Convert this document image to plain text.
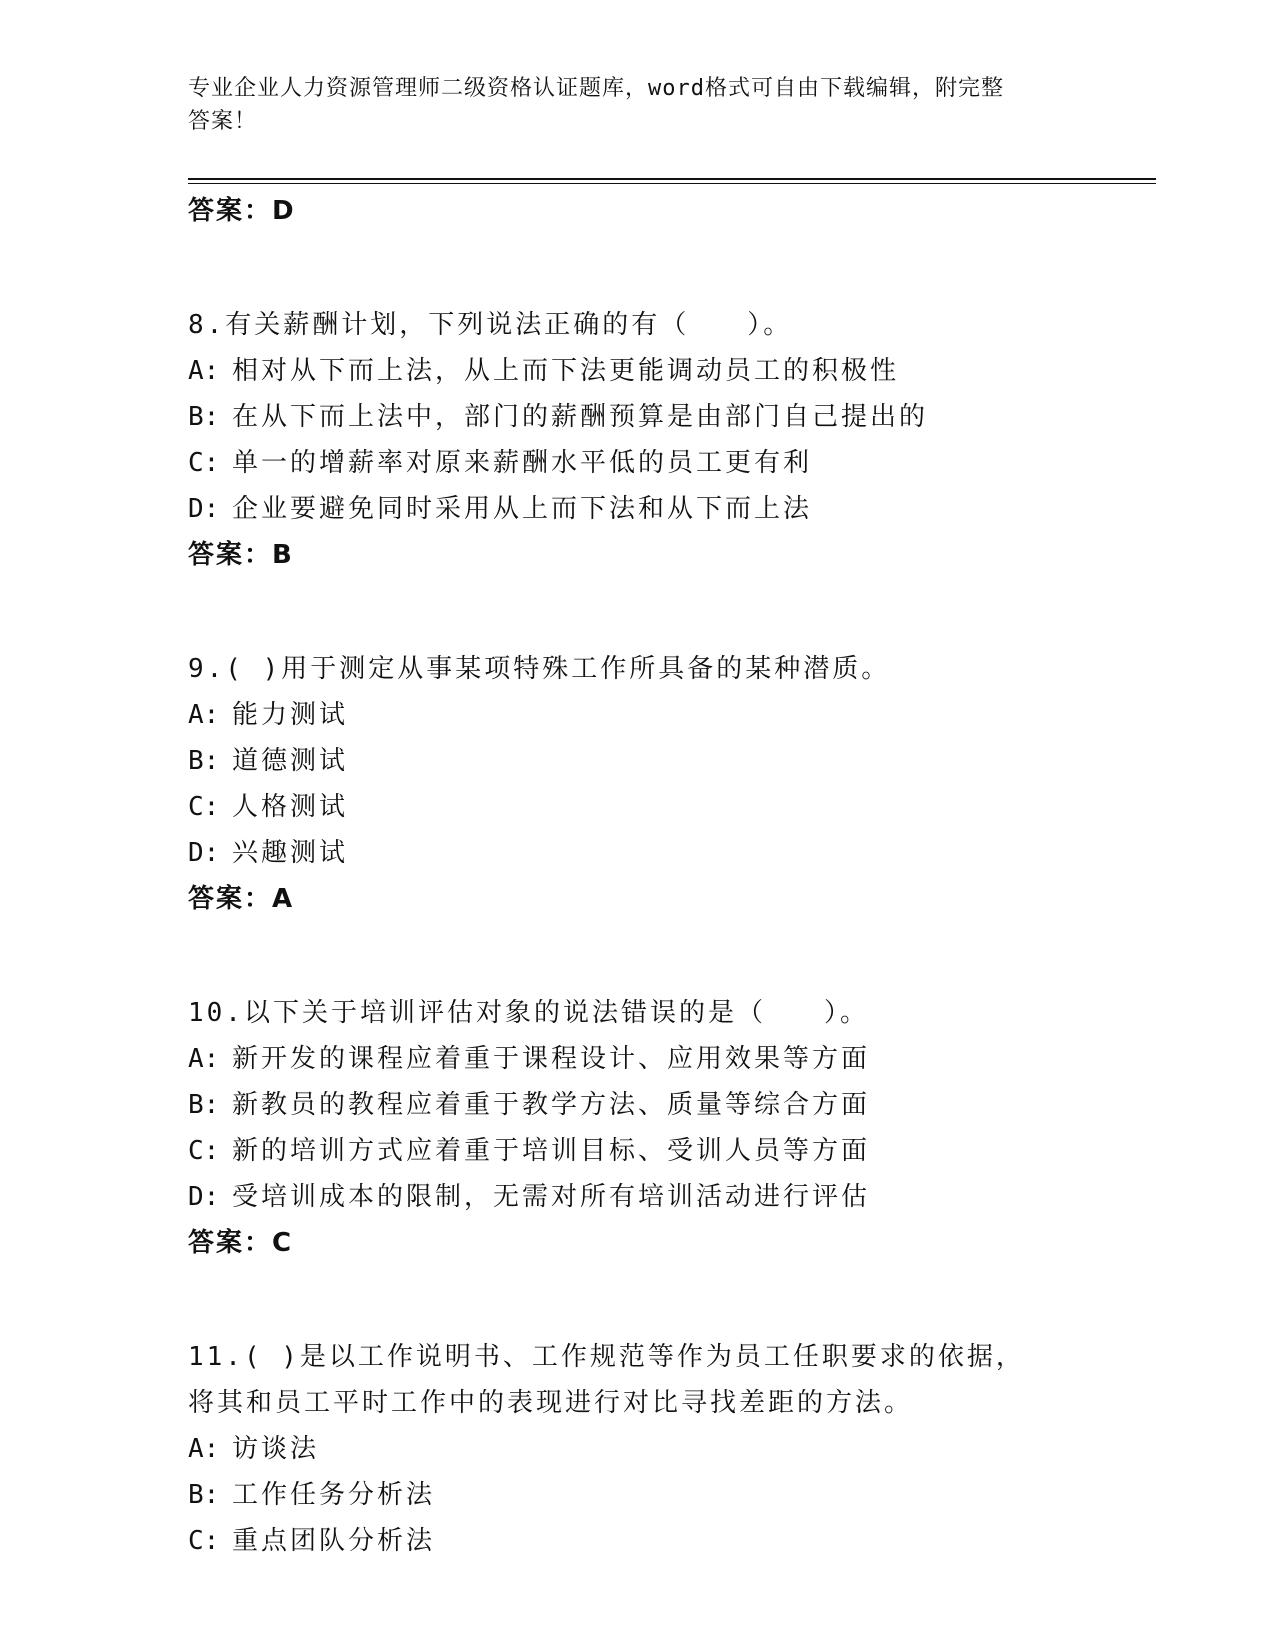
专业企业人力资源管理师二级资格认证题库，word格式可自由下载编辑，附完整
答案！
答案：D
8.有关薪酬计划，下列说法正确的有（　　）。
A: 相对从下而上法，从上而下法更能调动员工的积极性
B: 在从下而上法中，部门的薪酬预算是由部门自己提出的
C: 单一的增薪率对原来薪酬水平低的员工更有利
D: 企业要避免同时采用从上而下法和从下而上法
答案：B
9.( )用于测定从事某项特殊工作所具备的某种潜质。
A: 能力测试
B: 道德测试
C: 人格测试
D: 兴趣测试
答案：A
10.以下关于培训评估对象的说法错误的是（　　）。
A: 新开发的课程应着重于课程设计、应用效果等方面
B: 新教员的教程应着重于教学方法、质量等综合方面
C: 新的培训方式应着重于培训目标、受训人员等方面
D: 受培训成本的限制，无需对所有培训活动进行评估
答案：C
11.( )是以工作说明书、工作规范等作为员工任职要求的依据，将其和员工平时工作中的表现进行对比寻找差距的方法。
A: 访谈法
B: 工作任务分析法
C: 重点团队分析法
